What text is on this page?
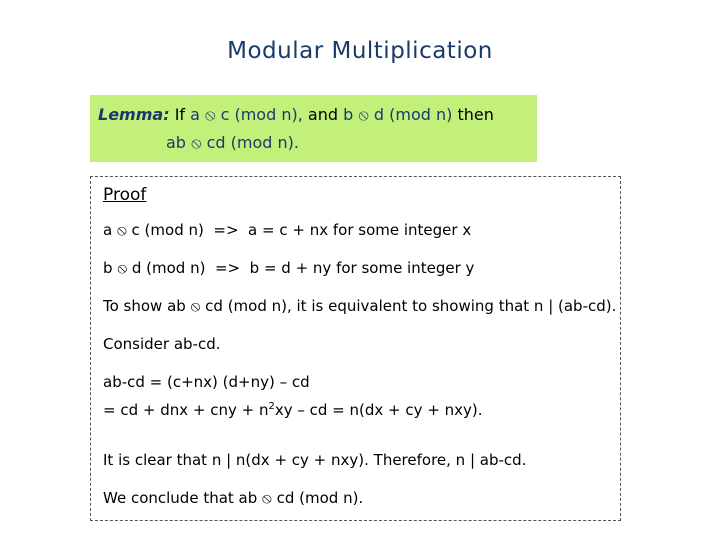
Modular Multiplication
Lemma: If a ⦸ c (mod n), and b ⦸ d (mod n) then
ab ⦸ cd (mod n).
Proof
a ⦸ c (mod n)  =>  a = c + nx for some integer x
b ⦸ d (mod n)  =>  b = d + ny for some integer y
To show ab ⦸ cd (mod n), it is equivalent to showing that n | (ab-cd).
Consider ab-cd.
ab-cd = (c+nx) (d+ny) – cd
= cd + dnx + cny + $n^2xy$ – cd = n(dx + cy + nxy).
It is clear that n | n(dx + cy + nxy). Therefore, n | ab-cd.
We conclude that ab ⦸ cd (mod n).
